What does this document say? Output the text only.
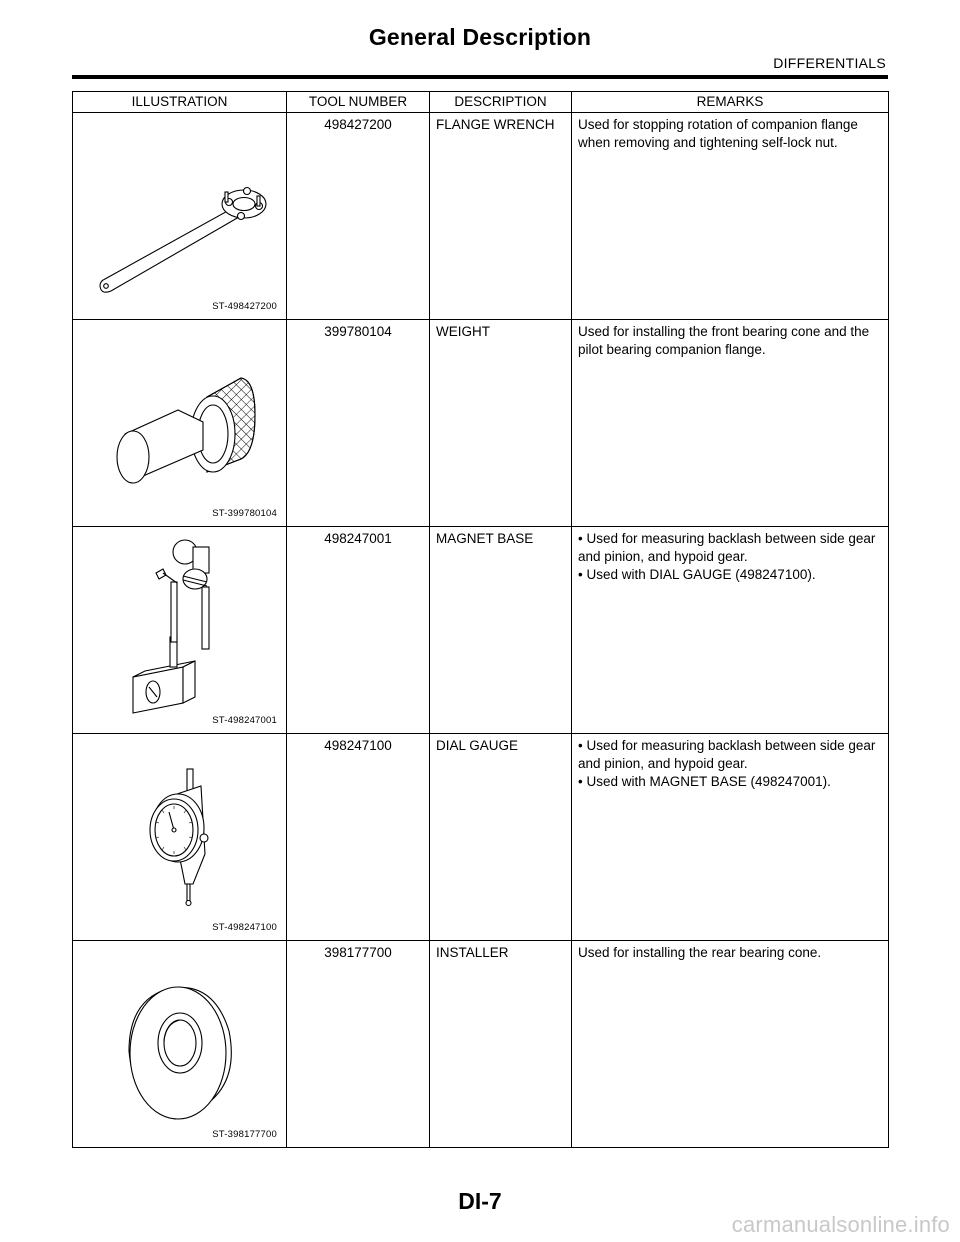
General Description
DIFFERENTIALS
ILLUSTRATION	TOOL NUMBER	DESCRIPTION	REMARKS

ST-498427200	498427200	FLANGE WRENCH	Used for stopping rotation of companion flange when removing and tightening self-lock nut.

ST-399780104	399780104	WEIGHT	Used for installing the front bearing cone and the pilot bearing companion flange.

ST-498247001	498247001	MAGNET BASE	• Used for measuring backlash between side gear and pinion, and hypoid gear.
• Used with DIAL GAUGE (498247100).

ST-498247100	498247100	DIAL GAUGE	• Used for measuring backlash between side gear and pinion, and hypoid gear.
• Used with MAGNET BASE (498247001).

ST-398177700	398177700	INSTALLER	Used for installing the rear bearing cone.
DI-7
carmanualsonline.info
